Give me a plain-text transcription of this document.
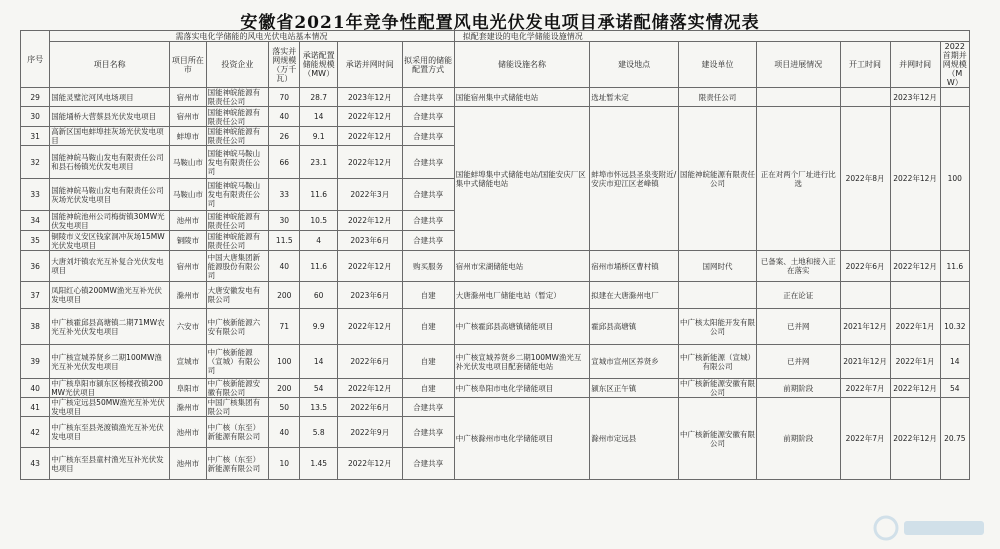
安徽省2021年竞争性配置风电光伏发电项目承诺配储落实情况表
序号	需落实电化学储能的风电光伏电站基本情况							拟配套建设的电化学储能设施情况						
	项目名称	项目所在市	投资企业	落实并网规模（万千瓦）	承诺配置储能规模（MW）	承诺并网时间	拟采用的储能配置方式	储能设施名称	建设地点	建设单位	项目进展情况	开工时间	并网时间	2022首期并网规模（MW）
29	国能灵璧沱河风电场项目	宿州市	国能神皖能源有限责任公司	70	28.7	2023年12月	合建共享	国能宿州集中式储能电站	选址暂未定	限责任公司			2023年12月	
30	国能埇桥大营蔡县光伏发电项目	宿州市	国能神皖能源有限责任公司	40	14	2022年12月	合建共享	国能蚌埠集中式储能电站/国能安庆厂区集中式储能电站	蚌埠市怀远县圣泉变附近/安庆市迎江区老峰镇	国能神皖能源有限责任公司	正在对两个厂址进行比选	2022年8月	2022年12月	100
31	高新区国电蚌埠挂灰场光伏发电项目	蚌埠市	国能神皖能源有限责任公司	26	9.1	2022年12月	合建共享							
32	国能神皖马鞍山发电有限责任公司和县石杨镇光伏发电项目	马鞍山市	国能神皖马鞍山发电有限责任公司	66	23.1	2022年12月	合建共享							
33	国能神皖马鞍山发电有限责任公司灰场光伏发电项目	马鞍山市	国能神皖马鞍山发电有限责任公司	33	11.6	2022年3月	合建共享							
34	国能神皖池州公司梅街镇30MW光伏发电项目	池州市	国能神皖能源有限责任公司	30	10.5	2022年12月	合建共享							
35	铜陵市义安区钱家洞冲灰场15MW光伏发电项目	铜陵市	国能神皖能源有限责任公司	11.5	4	2023年6月	合建共享							
36	大唐刘圩镇农光互补复合光伏发电项目	宿州市	中国大唐集团新能源股份有限公司	40	11.6	2022年12月	购买服务	宿州市宋湖储能电站	宿州市埇桥区曹村镇	国网时代	已备案、土地和接入正在落实	2022年6月	2022年12月	11.6
37	凤阳红心镇200MW渔光互补光伏发电项目	滁州市	大唐安徽发电有限公司	200	60	2023年6月	自建	大唐滁州电厂储能电站（暂定）	拟建在大唐滁州电厂		正在论证			
38	中广核霍邱县高塘镇二期71MW农光互补光伏发电项目	六安市	中广核新能源六安有限公司	71	9.9	2022年12月	自建	中广核霍邱县高塘镇储能项目	霍邱县高塘镇	中广核太阳能开发有限公司	已并网	2021年12月	2022年1月	10.32
39	中广核宣城养贤乡二期100MW渔光互补光伏发电项目	宣城市	中广核新能源（宣城）有限公司	100	14	2022年6月	自建	中广核宣城养贤乡二期100MW渔光互补光伏发电项目配套储能电站	宣城市宣州区养贤乡	中广核新能源（宣城）有限公司	已并网	2021年12月	2022年1月	14
40	中广核阜阳市颍东区杨楼孜镇200MW光伏项目	阜阳市	中广核新能源安徽有限公司	200	54	2022年12月	自建	中广核阜阳市电化学储能项目	颍东区正午镇	中广核新能源安徽有限公司	前期阶段	2022年7月	2022年12月	54
41	中广核定远县50MW渔光互补光伏发电项目	滁州市	中国广核集团有限公司	50	13.5	2022年6月	合建共享	中广核滁州市电化学储能项目	滁州市定远县	中广核新能源安徽有限公司	前期阶段	2022年7月	2022年12月	20.75
42	中广核东至县尧渡镇渔光互补光伏发电项目	池州市	中广核（东至）新能源有限公司	40	5.8	2022年9月	合建共享							
43	中广核东至县童村渔光互补光伏发电项目	池州市	中广核（东至）新能源有限公司	10	1.45	2022年12月	合建共享							
